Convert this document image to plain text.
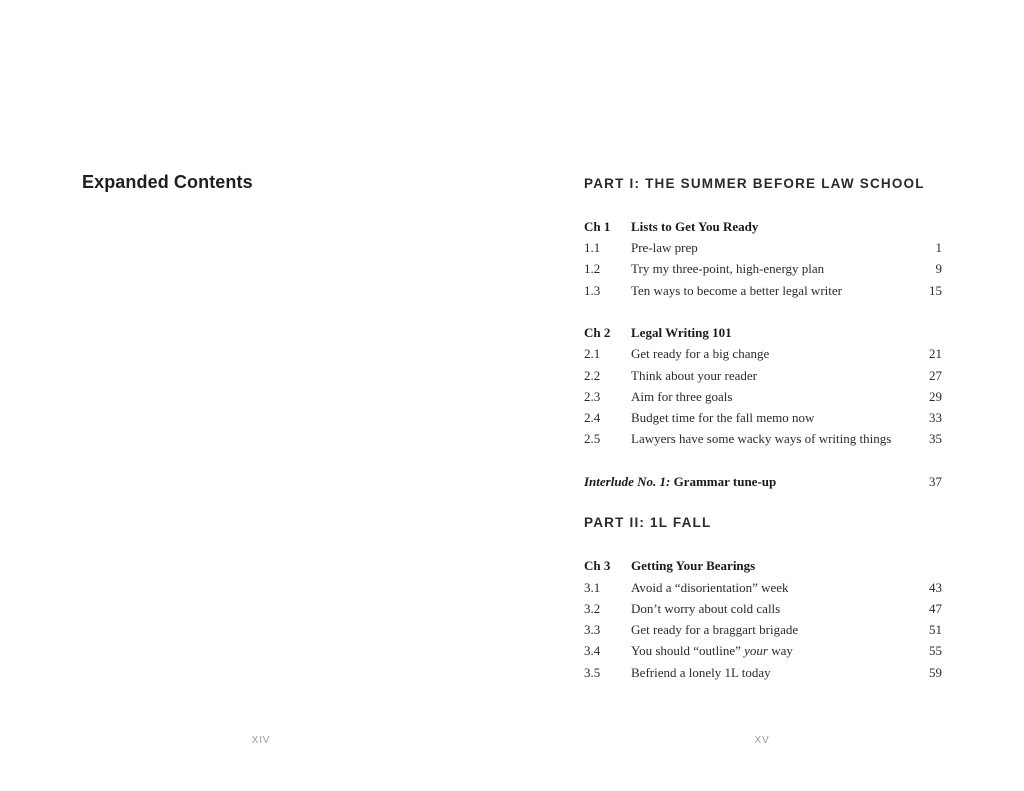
Expanded Contents
XIV
PART I: THE SUMMER BEFORE LAW SCHOOL
Ch 1 Lists to Get You Ready
1.1 Pre-law prep	1
1.2 Try my three-point, high-energy plan	9
1.3 Ten ways to become a better legal writer	15
Ch 2 Legal Writing 101
2.1 Get ready for a big change	21
2.2 Think about your reader	27
2.3 Aim for three goals	29
2.4 Budget time for the fall memo now	33
2.5 Lawyers have some wacky ways of writing things	35
Interlude No. 1: Grammar tune-up	37
PART II: 1L FALL
Ch 3 Getting Your Bearings
3.1 Avoid a “disorientation” week	43
3.2 Don’t worry about cold calls	47
3.3 Get ready for a braggart brigade	51
3.4 You should “outline” your way	55
3.5 Befriend a lonely 1L today	59
XV
